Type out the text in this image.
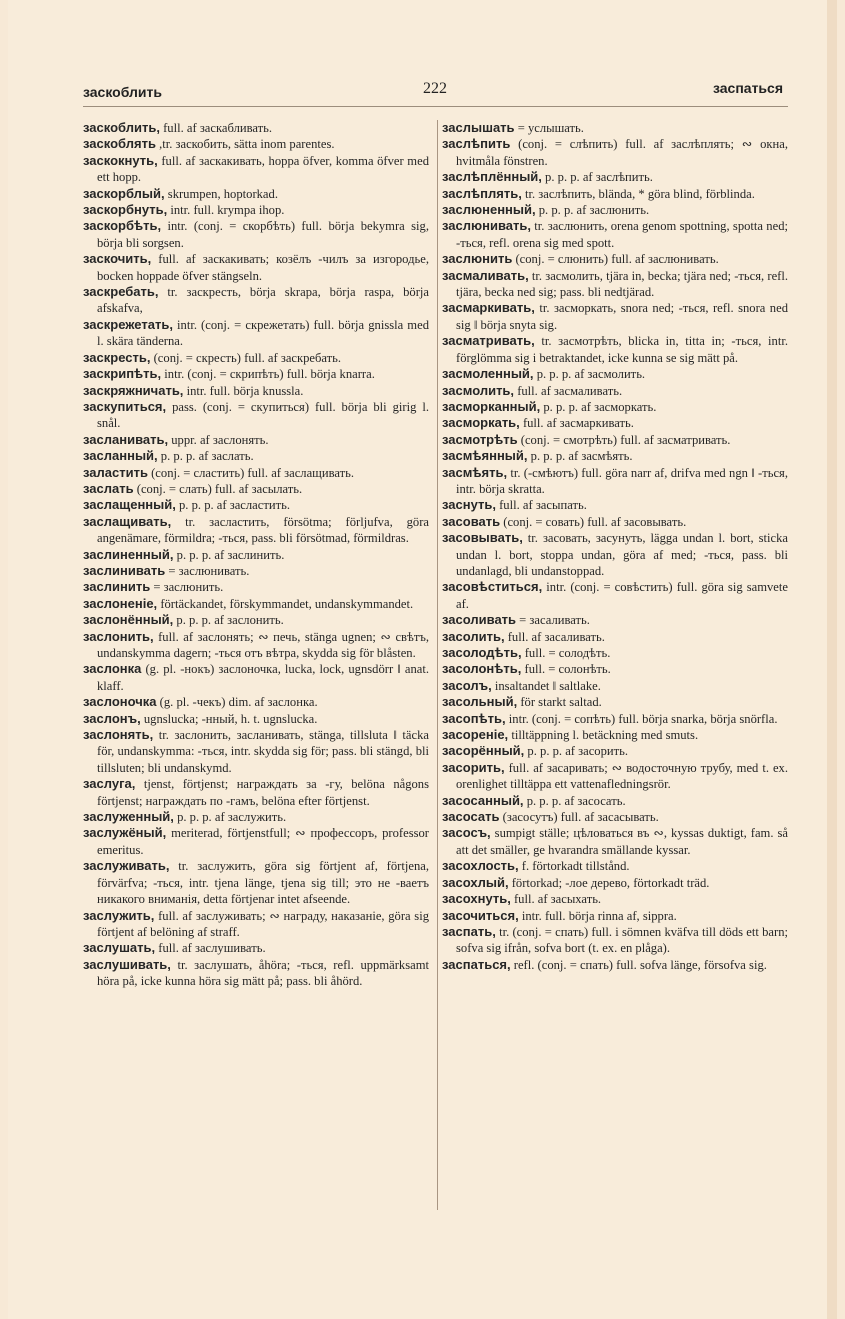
заскоблить	222	заспаться
заскоблить, full. af заскабливать.
заскоблять ,tr. заскобить, sätta inom parentes.
заскокнуть, full. af заскакивать, hoppa öfver, komma öfver med ett hopp.
заскорблый, skrumpen, hoptorkad.
заскорбнуть, intr. full. krympa ihop.
заскорбѣть, intr. (conj. = скорбѣть) full. börja bekymra sig, börja bli sorgsen.
заскочить, full. af заскакивать; козёлъ -чилъ за изгородье, bocken hoppade öfver stängseln.
заскребать, tr. заскресть, börja skrapa, börja raspa, börja afskafva,
заскрежетать, intr. (conj. = скрежетать) full. börja gnissla med l. skära tänderna.
заскресть, (conj. = скресть) full. af заскребать.
заскрипѣть, intr. (conj. = скрипѣть) full. börja knarra.
заскряжничать, intr. full. börja knussla.
заскупиться, pass. (conj. = скупиться) full. börja bli girig l. snål.
засланивать, uppr. af заслонять.
засланный, p. p. p. af заслать.
заластить (conj. = сластить) full. af заслащивать.
заслать (conj. = слать) full. af засылать.
заслащенный, p. p. p. af засластить.
заслащивать, tr. засластить, försötma; förljufva, göra angenämare, förmildra; -ться, pass. bli försötmad, förmildras.
заслиненный, p. p. p. af заслинить.
заслинивать = заслюнивать.
заслинить = заслюнить.
заслоненіе, förtäckandet, förskymmandet, undanskymmandet.
заслонённый, p. p. p. af заслонить.
заслонить, full. af заслонять; ∾ печь, stänga ugnen; ∾ свѣтъ, undanskymma dagern; -ться отъ вѣтра, skydda sig för blåsten.
заслонка (g. pl. -нокъ) заслоночка, lucka, lock, ugnsdörr ‖ anat. klaff.
заслоночка (g. pl. -чекъ) dim. af заслонка.
заслонъ, ugnslucka; -нный, h. t. ugnslucka.
заслонять, tr. заслонить, засланивать, stänga, tillsluta ‖ täcka för, undanskymma: -ться, intr. skydda sig för; pass. bli stängd, bli tillsluten; bli undanskymd.
заслуга, tjenst, förtjenst; награждать за -гу, belöna någons förtjenst; награждать по -гамъ, belöna efter förtjenst.
заслуженный, p. p. p. af заслужить.
заслужёный, meriterad, förtjenstfull; ∾ профессоръ, professor emeritus.
заслуживать, tr. заслужить, göra sig förtjent af, förtjena, förvärfva; -ться, intr. tjena länge, tjena sig till; это не -ваетъ никакого вниманія, detta förtjenar intet afseende.
заслужить, full. af заслуживать; ∾ награду, наказаніе, göra sig förtjent af belöning af straff.
заслушать, full. af заслушивать.
заслушивать, tr. заслушать, åhöra; -ться, refl. uppmärksamt höra på, icke kunna höra sig mätt på; pass. bli åhörd.
заслышать = услышать.
заслѣпить (conj. = слѣпить) full. af заслѣплять; ∾ окна, hvitmåla fönstren.
заслѣплённый, p. p. p. af заслѣпить.
заслѣплять, tr. заслѣпить, blända, * göra blind, förblinda.
заслюненный, p. p. p. af заслюнить.
заслюнивать, tr. заслюнить, orena genom spottning, spotta ned; -ться, refl. orena sig med spott.
заслюнить (conj. = слюнить) full. af заслюнивать.
засмаливать, tr. засмолить, tjära in, becka; tjära ned; -ться, refl. tjära, becka ned sig; pass. bli nedtjärad.
засмаркивать, tr. засморкать, snora ned; -ться, refl. snora ned sig ‖ börja snyta sig.
засматривать, tr. засмотрѣть, blicka in, titta in; -ться, intr. förglömma sig i betraktandet, icke kunna se sig mätt på.
засмоленный, p. p. p. af засмолить.
засмолить, full. af засмаливать.
засморканный, p. p. p. af засморкать.
засморкать, full. af засмаркивать.
засмотрѣть (conj. = смотрѣть) full. af засматривать.
засмѣянный, p. p. p. af засмѣять.
засмѣять, tr. (-смѣютъ) full. göra narr af, drifva med ngn ‖ -ться, intr. börja skratta.
заснуть, full. af засыпать.
засовать (conj. = совать) full. af засовывать.
засовывать, tr. засовать, засунуть, lägga undan l. bort, sticka undan l. bort, stoppa undan, göra af med; -ться, pass. bli undanlagd, bli undanstoppad.
засовѣститься, intr. (conj. = совѣстить) full. göra sig samvete af.
засоливать = засаливать.
засолить, full. af засаливать.
засолодѣть, full. = солодѣть.
засолонѣть, full. = солонѣть.
засолъ, insaltandet ‖ saltlake.
засольный, för starkt saltad.
засопѣть, intr. (conj. = сопѣть) full. börja snarka, börja snörfla.
засореніе, tilltäppning l. betäckning med smuts.
засорённый, p. p. p. af засорить.
засорить, full. af засаривать; ∾ водосточную трубу, med t. ex. orenlighet tilltäppa ett vattenafledningsrör.
засосанный, p. p. p. af засосать.
засосать (засосутъ) full. af засасывать.
засосъ, sumpigt ställe; цѣловаться въ ∾, kyssas duktigt, fam. så att det smäller, ge hvarandra smällande kyssar.
засохлость, f. förtorkadt tillstånd.
засохлый, förtorkad; -лое дерево, förtorkadt träd.
засохнуть, full. af засыхать.
засочиться, intr. full. börja rinna af, sippra.
заспать, tr. (conj. = спать) full. i sömnen kväfva till döds ett barn; sofva sig ifrån, sofva bort (t. ex. en plåga).
заспаться, refl. (conj. = спать) full. sofva länge, försofva sig.
